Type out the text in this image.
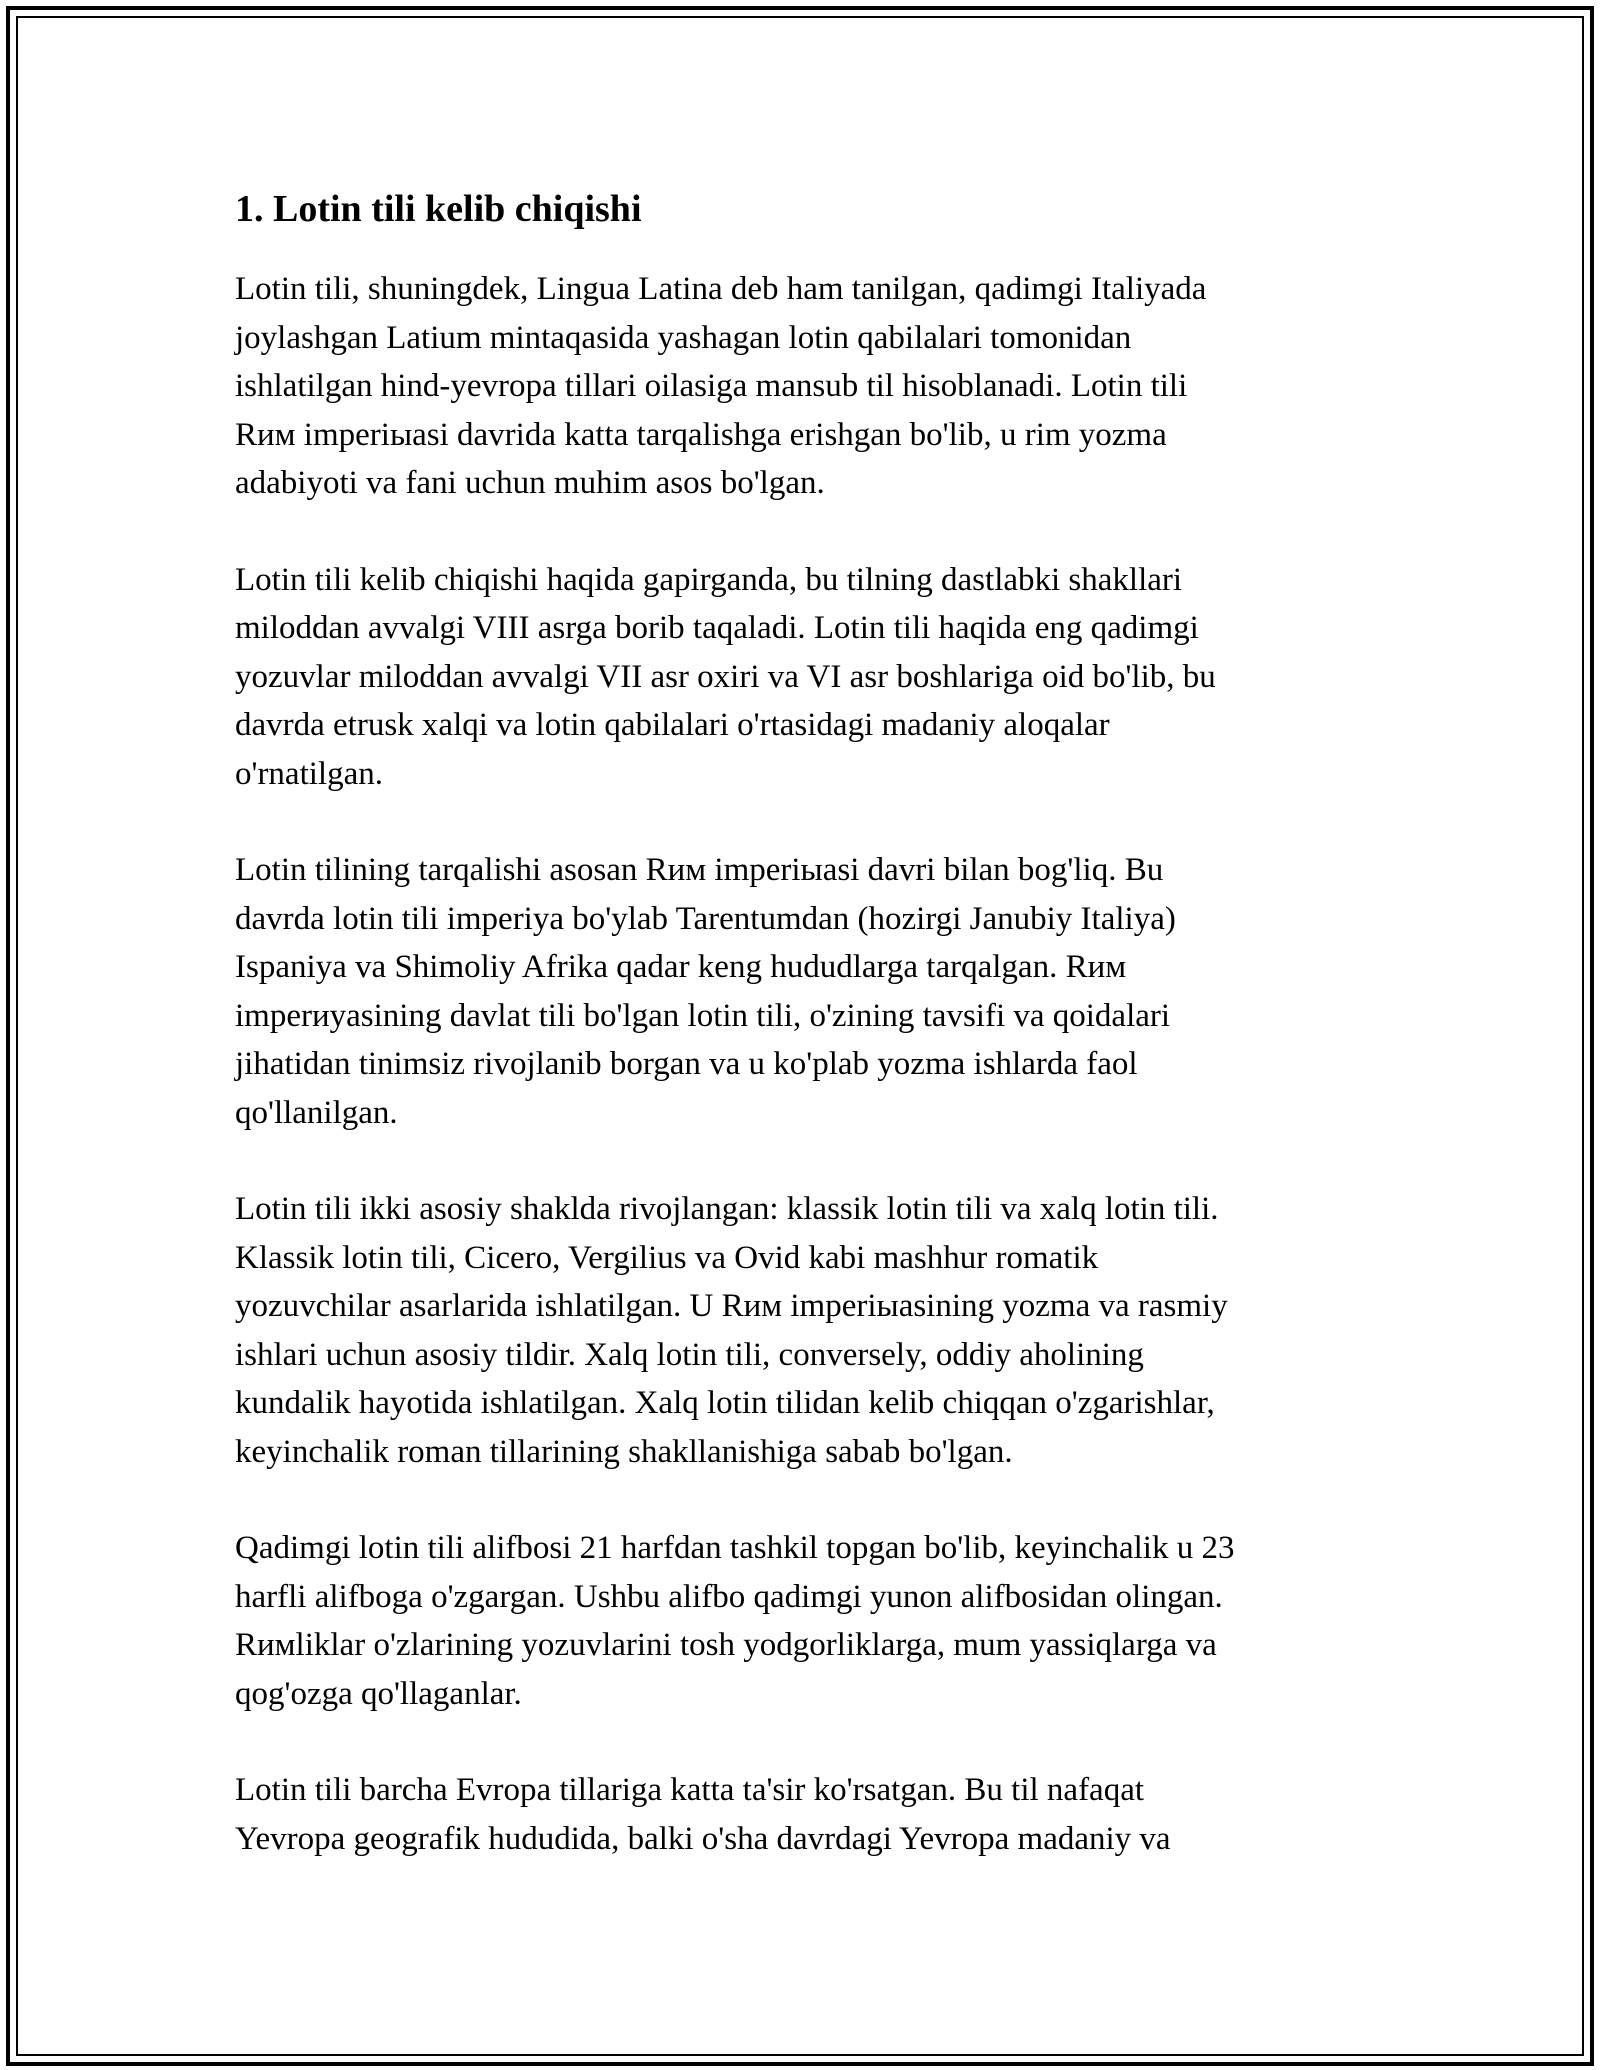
1. Lotin tili kelib chiqishi
Lotin tili, shuningdek, Lingua Latina deb ham tanilgan, qadimgi Italiyada
joylashgan Latium mintaqasida yashagan lotin qabilalari tomonidan
ishlatilgan hind-yevropa tillari oilasiga mansub til hisoblanadi. Lotin tili
Rим imperiыasi davrida katta tarqalishga erishgan bo'lib, u rim yozma
adabiyoti va fani uchun muhim asos bo'lgan.
Lotin tili kelib chiqishi haqida gapirganda, bu tilning dastlabki shakllari
miloddan avvalgi VIII asrga borib taqaladi. Lotin tili haqida eng qadimgi
yozuvlar miloddan avvalgi VII asr oxiri va VI asr boshlariga oid bo'lib, bu
davrda etrusk xalqi va lotin qabilalari o'rtasidagi madaniy aloqalar
o'rnatilgan.
Lotin tilining tarqalishi asosan Rим imperiыasi davri bilan bog'liq. Bu
davrda lotin tili imperiya bo'ylab Tarentumdan (hozirgi Janubiy Italiya)
Ispaniya va Shimoliy Afrika qadar keng hududlarga tarqalgan. Rим
imperиyasining davlat tili bo'lgan lotin tili, o'zining tavsifi va qoidalari
jihatidan tinimsiz rivojlanib borgan va u ko'plab yozma ishlarda faol
qo'llanilgan.
Lotin tili ikki asosiy shaklda rivojlangan: klassik lotin tili va xalq lotin tili.
Klassik lotin tili, Cicero, Vergilius va Ovid kabi mashhur romatik
yozuvchilar asarlarida ishlatilgan. U Rим imperiыasining yozma va rasmiy
ishlari uchun asosiy tildir. Xalq lotin tili, conversely, oddiy aholining
kundalik hayotida ishlatilgan. Xalq lotin tilidan kelib chiqqan o'zgarishlar,
keyinchalik roman tillarining shakllanishiga sabab bo'lgan.
Qadimgi lotin tili alifbosi 21 harfdan tashkil topgan bo'lib, keyinchalik u 23
harfli alifboga o'zgargan. Ushbu alifbo qadimgi yunon alifbosidan olingan.
Rимliklar o'zlarining yozuvlarini tosh yodgorliklarga, mum yassiqlarga va
qog'ozga qo'llaganlar.
Lotin tili barcha Evropa tillariga katta ta'sir ko'rsatgan. Bu til nafaqat
Yevropa geografik hududida, balki o'sha davrdagi Yevropa madaniy va
